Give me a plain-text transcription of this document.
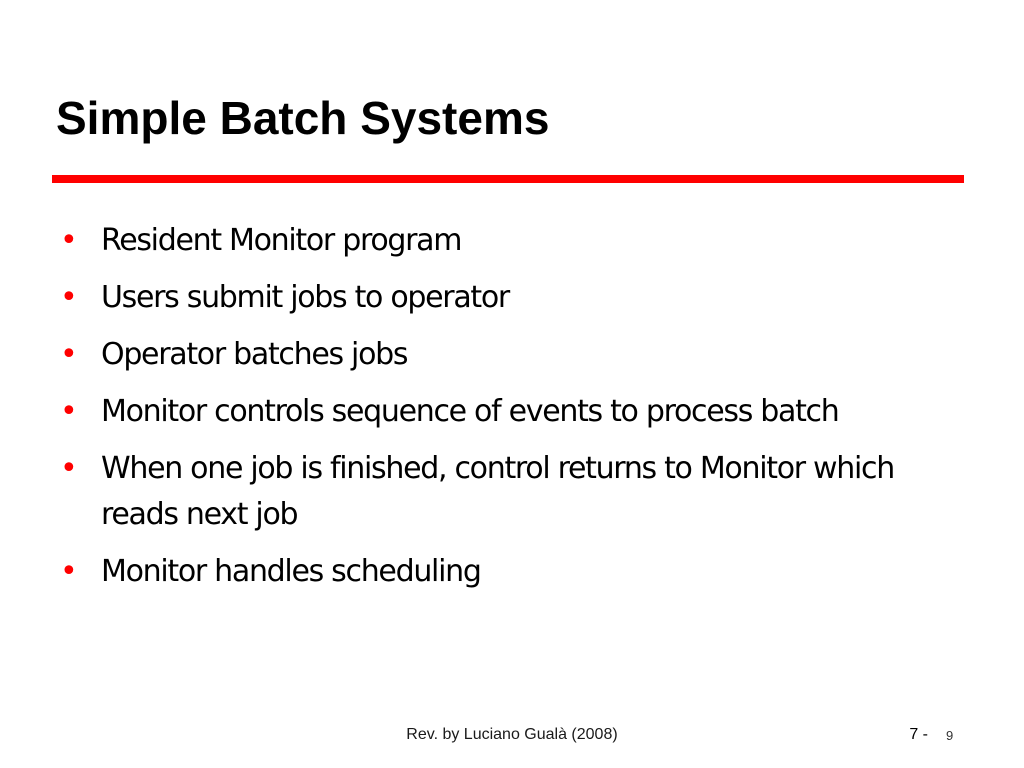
Simple Batch Systems
• Resident Monitor program
• Users submit jobs to operator
• Operator batches jobs
• Monitor controls sequence of events to process batch
• When one job is finished, control returns to Monitor which reads next job
• Monitor handles scheduling
Rev. by Luciano Gualà (2008)	7 - 9
